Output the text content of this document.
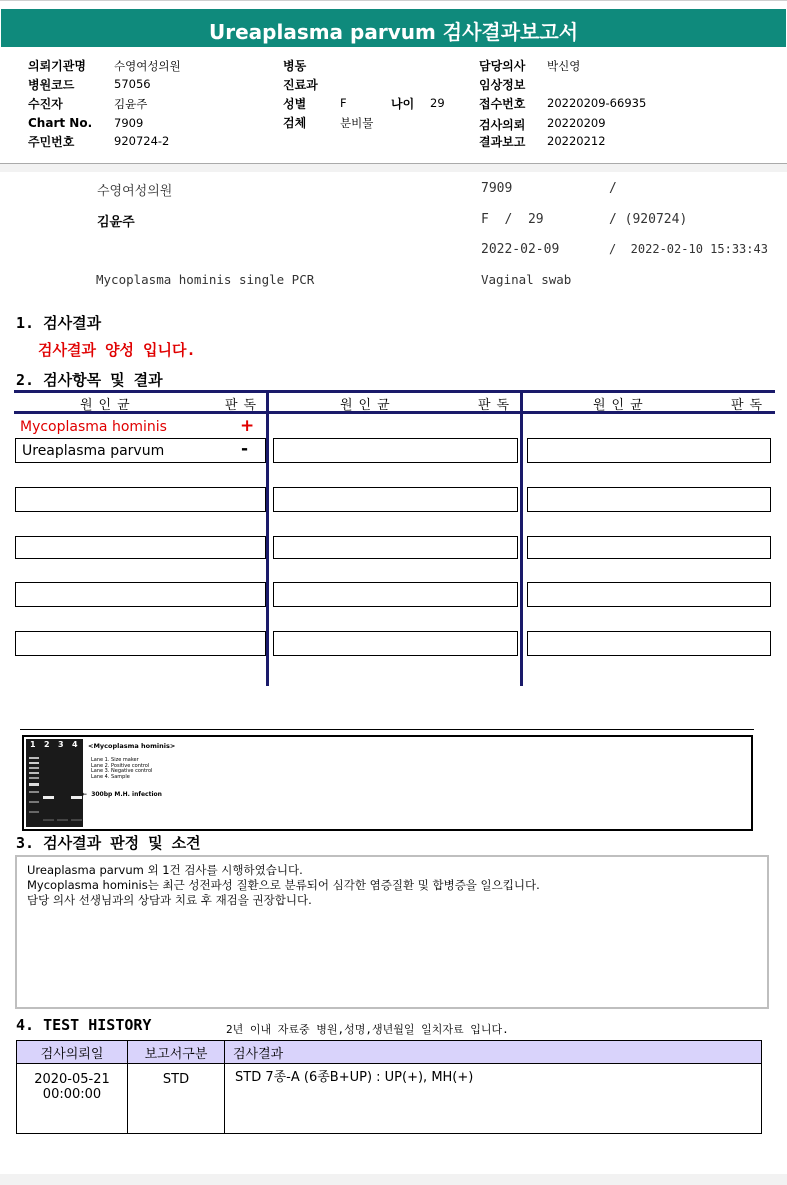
Ureaplasma parvum 검사결과보고서
의뢰기관명 수영여성의원
병원코드	57056
수진자	김윤주
Chart No. 7909
주민번호	920724-2
병동
진료과
성별	F	나이 29
검체	분비물
담당의사 박신영
임상정보
접수번호 20220209-66935
검사의뢰 20220209
결과보고 20220212
수영여성의원	7909	/
김윤주	F  /  29	/ (920724)
2022-02-09	/  2022-02-10 15:33:43
Mycoplasma hominis single PCR	Vaginal swab
1. 검사결과
검사결과 양성 입니다.
2. 검사항목 및 결과
원인균	판독	원인균	판독	원인균	판독
Mycoplasma hominis	+
Ureaplasma parvum	-
1 2 3 4 <Mycoplasma hominis>
Lane 1. Size maker
Lane 2. Positive control
Lane 3. Negative control
Lane 4. Sample
←  300bp M.H. infection
3. 검사결과 판정 및 소견

Ureaplasma parvum 외 1건 검사를 시행하였습니다.

Mycoplasma hominis는 최근 성전파성 질환으로 분류되어 심각한 염증질환 및 합병증을 일으킵니다.

담당 의사 선생님과의 상담과 치료 후 재검을 권장합니다.

4. TEST HISTORY	2년 이내 자료중 병원,성명,생년월일 일치자료 입니다.
검사의뢰일	보고서구분	검사결과

2020-05-21
00:00:00	STD	STD 7종-A (6종B+UP) : UP(+), MH(+)
